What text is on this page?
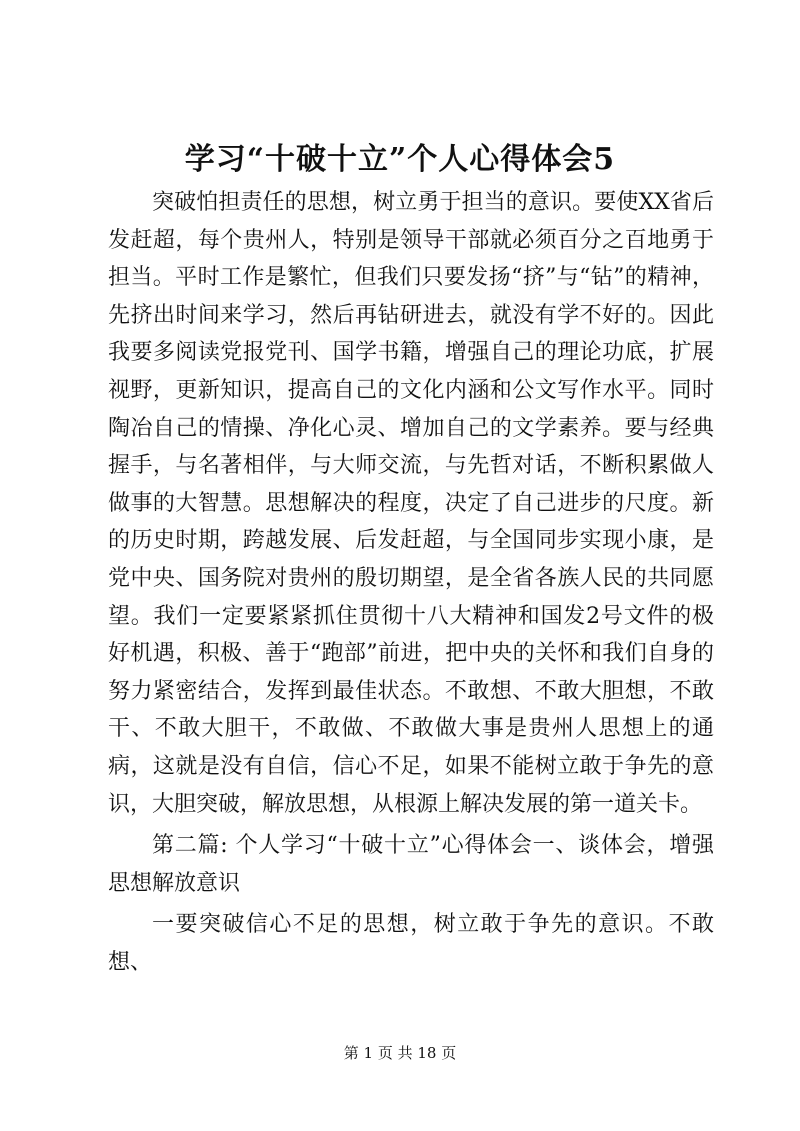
学习“十破十立”个人心得体会5

突破怕担责任的思想，树立勇于担当的意识。要使XX省后发赶超，每个贵州人，特别是领导干部就必须百分之百地勇于担当。平时工作是繁忙，但我们只要发扬“挤”与“钻”的精神，先挤出时间来学习，然后再钻研进去，就没有学不好的。因此我要多阅读党报党刊、国学书籍，增强自己的理论功底，扩展视野，更新知识，提高自己的文化内涵和公文写作水平。同时陶冶自己的情操、净化心灵、增加自己的文学素养。要与经典握手，与名著相伴，与大师交流，与先哲对话，不断积累做人做事的大智慧。思想解决的程度，决定了自己进步的尺度。新的历史时期，跨越发展、后发赶超，与全国同步实现小康，是党中央、国务院对贵州的殷切期望，是全省各族人民的共同愿望。我们一定要紧紧抓住贯彻十八大精神和国发2号文件的极好机遇，积极、善于“跑部”前进，把中央的关怀和我们自身的努力紧密结合，发挥到最佳状态。不敢想、不敢大胆想，不敢干、不敢大胆干，不敢做、不敢做大事是贵州人思想上的通病，这就是没有自信，信心不足，如果不能树立敢于争先的意识，大胆突破，解放思想，从根源上解决发展的第一道关卡。

第二篇: 个人学习“十破十立”心得体会一、谈体会，增强思想解放意识

一要突破信心不足的思想，树立敢于争先的意识。不敢想、

第 1 页 共 18 页
